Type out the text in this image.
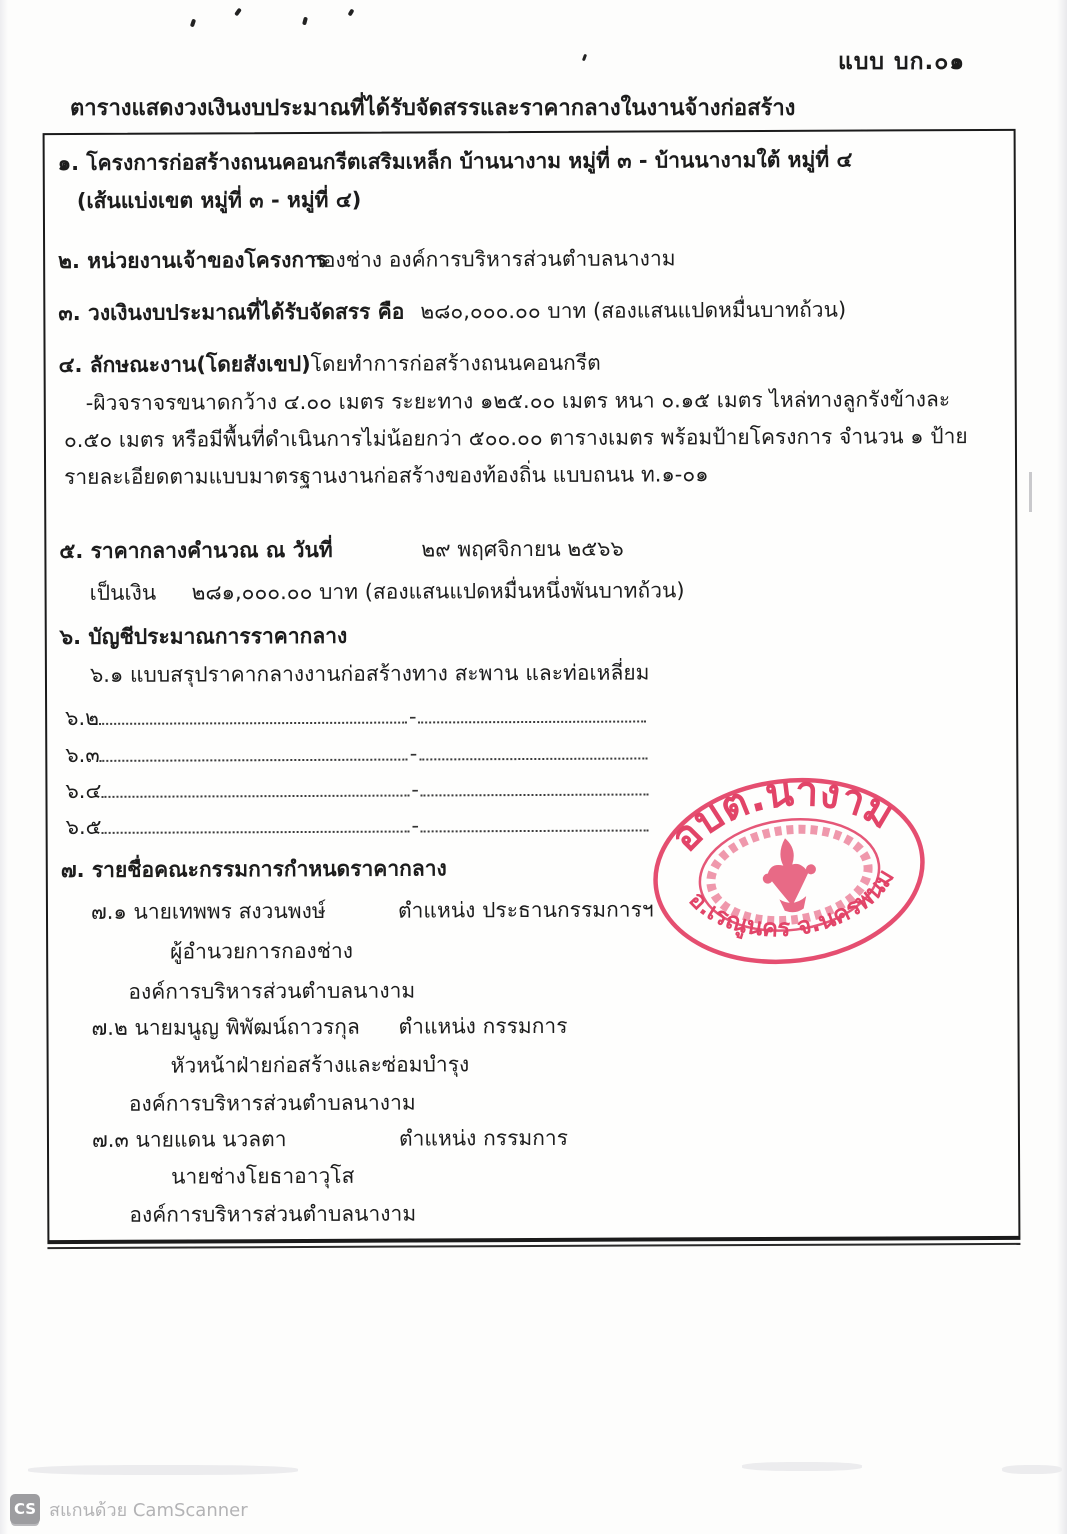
แบบ บก.๐๑
ตารางแสดงวงเงินงบประมาณที่ได้รับจัดสรรและราคากลางในงานจ้างก่อสร้าง
๑. โครงการก่อสร้างถนนคอนกรีตเสริมเหล็ก บ้านนางาม หมู่ที่ ๓ - บ้านนางามใต้ หมู่ที่ ๔
(เส้นแบ่งเขต หมู่ที่ ๓ - หมู่ที่ ๔)
๒. หน่วยงานเจ้าของโครงการ
กองช่าง องค์การบริหารส่วนตำบลนางาม
๓. วงเงินงบประมาณที่ได้รับจัดสรร คือ ๒๘๐,๐๐๐.๐๐ บาท (สองแสนแปดหมื่นบาทถ้วน)
๔. ลักษณะงาน(โดยสังเขป) โดยทำการก่อสร้างถนนคอนกรีต
-ผิวจราจรขนาดกว้าง ๔.๐๐ เมตร ระยะทาง ๑๒๕.๐๐ เมตร หนา ๐.๑๕ เมตร ไหล่ทางลูกรังข้างละ
๐.๕๐ เมตร หรือมีพื้นที่ดำเนินการไม่น้อยกว่า ๕๐๐.๐๐ ตารางเมตร พร้อมป้ายโครงการ จำนวน ๑ ป้าย
รายละเอียดตามแบบมาตรฐานงานก่อสร้างของท้องถิ่น แบบถนน ท.๑-๐๑
๕. ราคากลางคำนวณ ณ วันที่	๒๙ พฤศจิกายน ๒๕๖๖
เป็นเงิน ๒๘๑,๐๐๐.๐๐ บาท (สองแสนแปดหมื่นหนึ่งพันบาทถ้วน)
๖. บัญชีประมาณการราคากลาง
๖.๑ แบบสรุปราคากลางงานก่อสร้างทาง สะพาน และท่อเหลี่ยม
๖.๒	-
๖.๓	-
๖.๔	-
๖.๕	-
๗. รายชื่อคณะกรรมการกำหนดราคากลาง
๗.๑ นายเทพพร สงวนพงษ์	ตำแหน่ง ประธานกรรมการฯ
ผู้อำนวยการกองช่าง
องค์การบริหารส่วนตำบลนางาม
๗.๒ นายมนูญ พิพัฒน์ถาวรกุล ตำแหน่ง กรรมการ
หัวหน้าฝ่ายก่อสร้างและซ่อมบำรุง
องค์การบริหารส่วนตำบลนางาม
๗.๓ นายแดน นวลตา	ตำแหน่ง กรรมการ
นายช่างโยธาอาวุโส
องค์การบริหารส่วนตำบลนางาม
อบต.นางาม
อ.เรณูนคร จ.นครพนม
CS สแกนด้วย CamScanner
